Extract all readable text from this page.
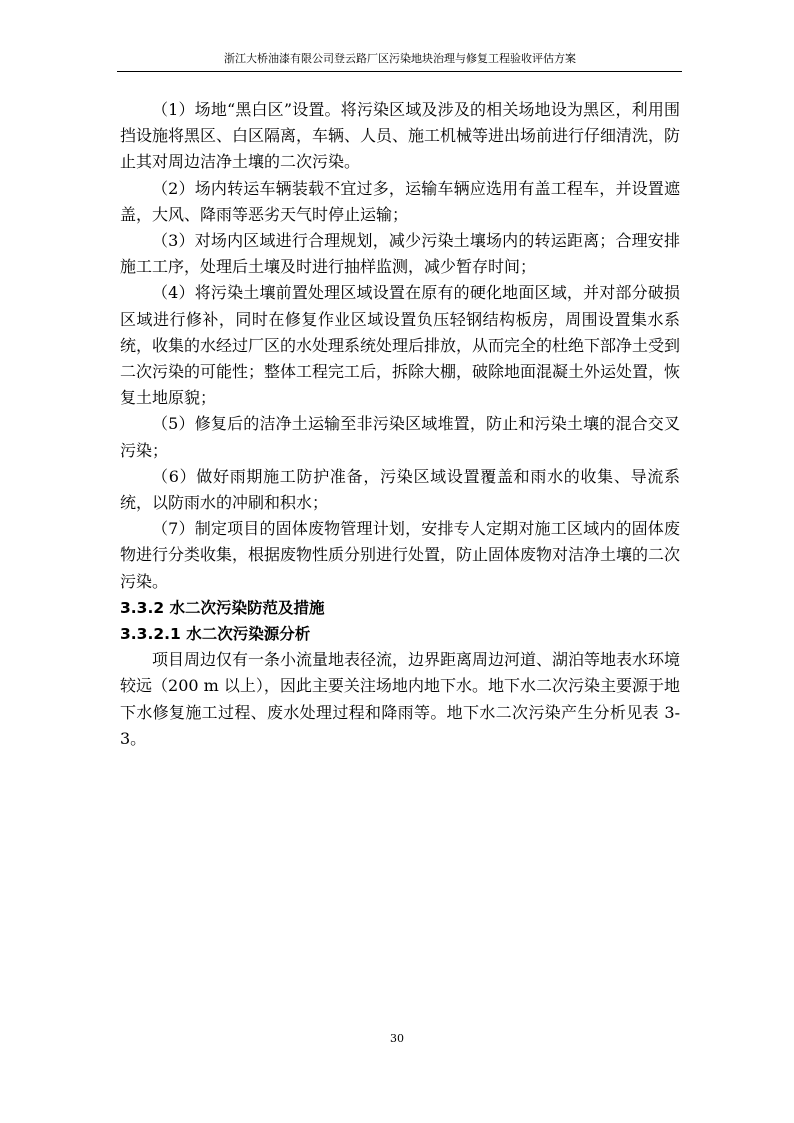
浙江大桥油漆有限公司登云路厂区污染地块治理与修复工程验收评估方案

（1）场地“黑白区”设置。将污染区域及涉及的相关场地设为黑区，利用围挡设施将黑区、白区隔离，车辆、人员、施工机械等进出场前进行仔细清洗，防止其对周边洁净土壤的二次污染。

（2）场内转运车辆装载不宜过多，运输车辆应选用有盖工程车，并设置遮盖，大风、降雨等恶劣天气时停止运输；

（3）对场内区域进行合理规划，减少污染土壤场内的转运距离；合理安排施工工序，处理后土壤及时进行抽样监测，减少暂存时间；

（4）将污染土壤前置处理区域设置在原有的硬化地面区域，并对部分破损区域进行修补，同时在修复作业区域设置负压轻钢结构板房，周围设置集水系统，收集的水经过厂区的水处理系统处理后排放，从而完全的杜绝下部净土受到二次污染的可能性；整体工程完工后，拆除大棚，破除地面混凝土外运处置，恢复土地原貌；

（5）修复后的洁净土运输至非污染区域堆置，防止和污染土壤的混合交叉污染；

（6）做好雨期施工防护准备，污染区域设置覆盖和雨水的收集、导流系统，以防雨水的冲刷和积水；

（7）制定项目的固体废物管理计划，安排专人定期对施工区域内的固体废物进行分类收集，根据废物性质分别进行处置，防止固体废物对洁净土壤的二次污染。

3.3.2 水二次污染防范及措施

3.3.2.1 水二次污染源分析

项目周边仅有一条小流量地表径流，边界距离周边河道、湖泊等地表水环境较远（200 m 以上），因此主要关注场地内地下水。地下水二次污染主要源于地下水修复施工过程、废水处理过程和降雨等。地下水二次污染产生分析见表 3-3。

30
